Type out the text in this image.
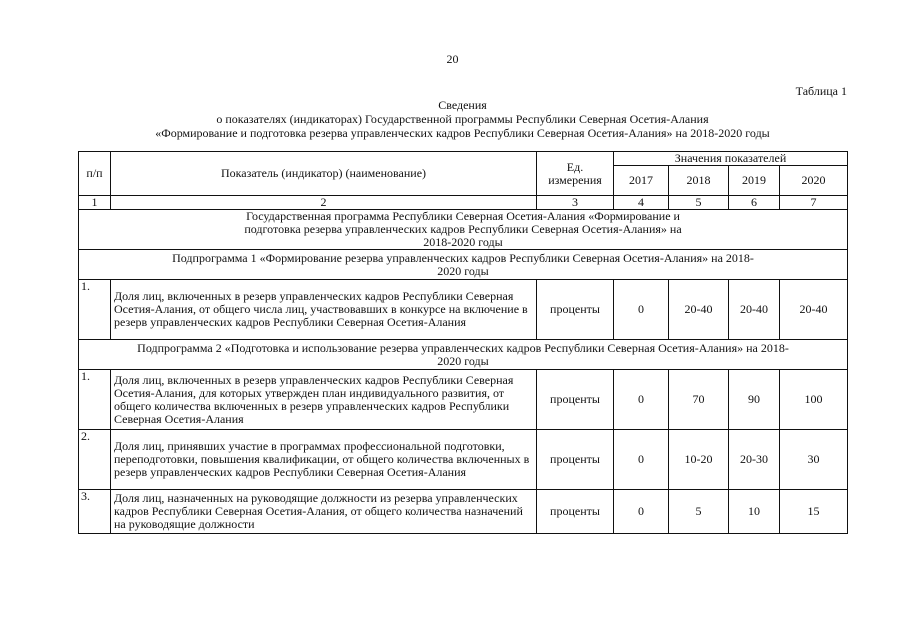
20
Таблица 1
Сведения
о показателях (индикаторах) Государственной программы Республики Северная Осетия-Алания
«Формирование и подготовка резерва управленческих кадров Республики Северная Осетия-Алания» на 2018-2020 годы
п/п	Показатель (индикатор) (наименование)	Ед. измерения	Значения показателей			
			2017	2018	2019	2020
1	2	3	4	5	6	7
Государственная программа Республики Северная Осетия-Алания «Формирование и подготовка резерва управленческих кадров Республики Северная Осетия-Алания» на 2018-2020 годы						
Подпрограмма 1 «Формирование резерва управленческих кадров Республики Северная Осетия-Алания» на 2018-2020 годы						
1.	Доля лиц, включенных в резерв управленческих кадров Республики Северная Осетия-Алания, от общего числа лиц, участвовавших в конкурсе на включение в резерв управленческих кадров Республики Северная Осетия-Алания	проценты	0	20-40	20-40	20-40
Подпрограмма 2 «Подготовка и использование резерва управленческих кадров Республики Северная Осетия-Алания» на 2018-2020 годы						
1.	Доля лиц, включенных в резерв управленческих кадров Республики Северная Осетия-Алания, для которых утвержден план индивидуального развития, от общего количества включенных в резерв управленческих кадров Республики Северная Осетия-Алания	проценты	0	70	90	100
2.	Доля лиц, принявших участие в программах профессиональной подготовки, переподготовки, повышения квалификации, от общего количества включенных в резерв управленческих кадров Республики Северная Осетия-Алания	проценты	0	10-20	20-30	30
3.	Доля лиц, назначенных на руководящие должности из резерва управленческих кадров Республики Северная Осетия-Алания, от общего количества назначений на руководящие должности	проценты	0	5	10	15
